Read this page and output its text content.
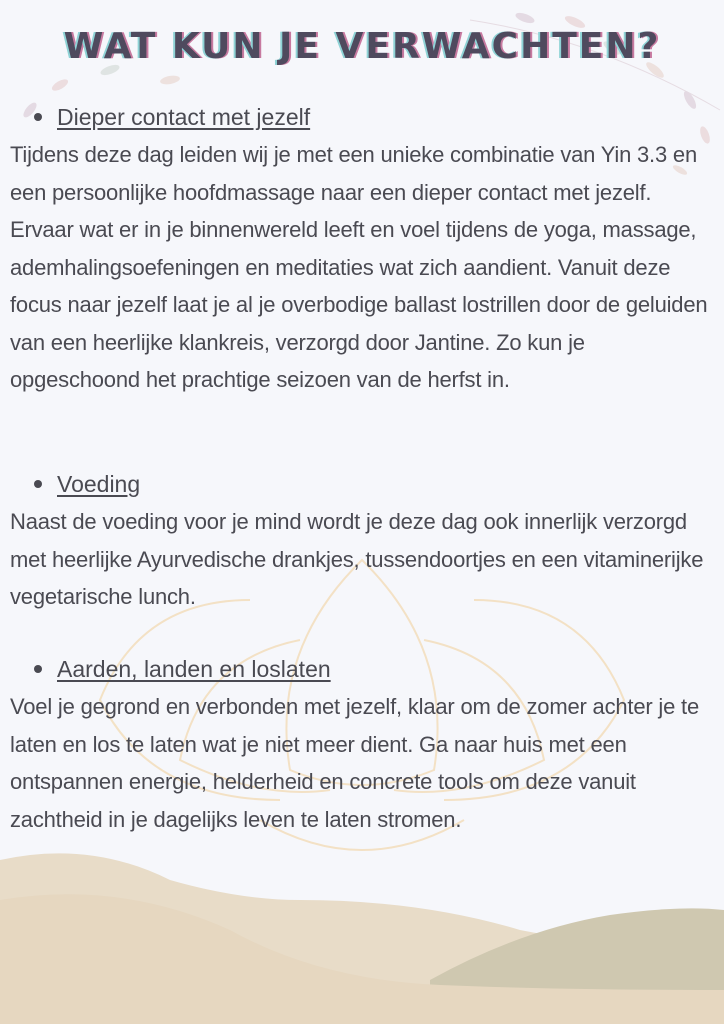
WAT KUN JE VERWACHTEN?
Dieper contact met jezelf

Tijdens deze dag leiden wij je met een unieke combinatie van Yin 3.3 en een persoonlijke hoofdmassage naar een dieper contact met jezelf. Ervaar wat er in je binnenwereld leeft en voel tijdens de yoga, massage, ademhalingsoefeningen en meditaties wat zich aandient. Vanuit deze focus naar jezelf laat je al je overbodige ballast lostrillen door de geluiden van een heerlijke klankreis, verzorgd door Jantine. Zo kun je opgeschoond het prachtige seizoen van de herfst in.

Voeding

Naast de voeding voor je mind wordt je deze dag ook innerlijk verzorgd met heerlijke Ayurvedische drankjes, tussendoortjes en een vitaminerijke vegetarische lunch.

Aarden, landen en loslaten

Voel je gegrond en verbonden met jezelf, klaar om de zomer achter je te laten en los te laten wat je niet meer dient. Ga naar huis met een ontspannen energie, helderheid en concrete tools om deze vanuit zachtheid in je dagelijks leven te laten stromen.
